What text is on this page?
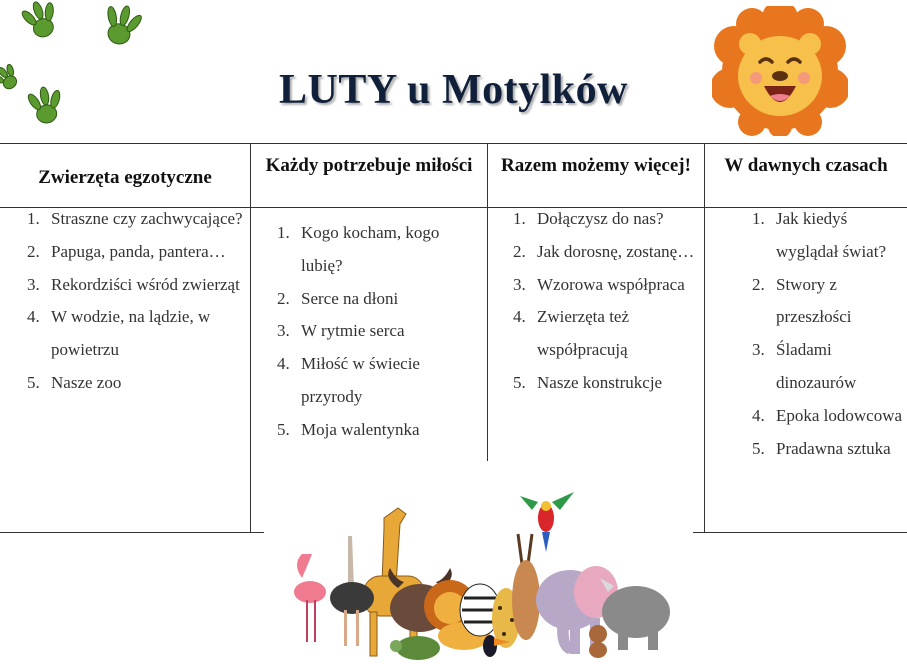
LUTY u Motylków
Zwierzęta egzotyczne
Każdy potrzebuje miłości	Razem możemy więcej!	W dawnych czasach
1. Straszne czy zachwycające?
2. Papuga, panda, pantera…
3. Rekordziści wśród zwierząt
4. W wodzie, na lądzie, w powietrzu
5. Nasze zoo
1. Kogo kocham, kogo lubię?
2. Serce na dłoni
3. W rytmie serca
4. Miłość w świecie przyrody
5. Moja walentynka
1. Dołączysz do nas?
2. Jak dorosnę, zostanę…
3. Wzorowa współpraca
4. Zwierzęta też współpracują
5. Nasze konstrukcje
1. Jak kiedyś wyglądał świat?
2. Stwory z przeszłości
3. Śladami dinozaurów
4. Epoka lodowcowa
5. Pradawna sztuka
